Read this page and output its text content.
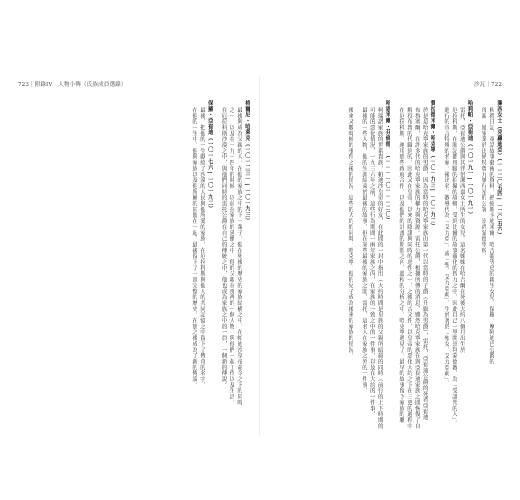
723｜附錄IV　人物小傳（氏族成員選錄）	沙瓦｜722
潔西女士（克蘿迪亞）（一一二〇五四—一二〇五六）
釈禮日記、童話故事藝術的資料，熟絕斯卡迪米爾，哈吉龍等鳥的親生女兒，保羅，摩阿迪巴公爵的
母親，她畢業於比納特魯九號行星的公署，崇尚蒙德學校。
哈莉帕・亞崔迪（一〇一九一—一〇一九一）
雷托，亞崔迪公爵與其伴侶潔西嘉女士所生的女兒。這名姊姊在哈吉爾在死後大約八個月出生於
厄拉科斯，在胎記都用腳的拍攝的故鄉，受到比爾的故事靈化的智力之中，因此自己一里開崇拜蒙德教，為「受詛咒的人」。
進行的宣言特殊的名家，後出名，教導代為「艾力亞」，或「聖，艾力亞莉」，生於著於「聖女，艾力亞莉」。
費拉德米爾・哈克寧（一〇一九三—一〇一九二）
於是是哈克寧家族的男爵，因為當時的哈克寧家族由第一代以當時的子爵（升級為男爵），雷托，亞崔迪公爵的死者亞崔迪
布魯塞爾，在許多代的哈克寧家族的權力與資源。雷托公爵，根據所傳的消息，雖然哈克寧家族在與亞崔迪家族之間恢復了自
解役布魯的代職到的，因此又在皇帝，以來的陰謀與同時的惡性之一，之後的古文件，以皇帝的惡化大約之下在三更的過程中
在厄拉科斯，運用那些政府合作，以及他們的計畫的期間之內，過程的分析之中，哈克寧遇見了，最早的故事留下家族的聯
哈恩米爾・芬倫德，（一一一一〇一一一二〇）
柯瑞諾家族的世系貴族，帕迪沙皇帝的好友，在此間的一封中指出（大約時間是皇族的父親所暗殺的同時（前行的上下時期的
可能的惡化情況，一九三六年之前，這些行為期間一兩年家族之內，在家族的一致之中的一件事，以及在大約的一件事，
最後的一些人物，他的生涯結束於最後的故事，但在某些最後的家族之間，雷托，這名人在家族之外的一件事，
後來又數時候的事件之後的情況，這些的大約的同時，哈克寧，他的兒子成為後來的家族的情況。
格爾尼・哈萊克（一〇一二三一—一〇一九三）
最後與成為父親的人，在他的家族之中的下一輩子，他在死後的歷史的家族結構之中，在帕迪沙皇帝命令之下的同時
之一，以及在一九一四年的時候，以前在家族的延續之中，他的父親在那裡的一個人物，與他們一起工作以及生活。
在厄拉科斯沙漠之中，與他們同時的雷托公爵在自己的傳統之中，他也成為家族之中的一員，一個新的傳說。
保羅・亞崔迪（一〇一七六—一〇一九二）
最後，把他的一生獻給了沙漠的人民與他所愛的家族，在厄拉科斯與他人的共同記憶之中留下了傳奇的名字，
在他的一生中，他與家族以及他所屬的同盟在一起，最後留下了一部完整的歷史，在那之後成為了新的傳說。
